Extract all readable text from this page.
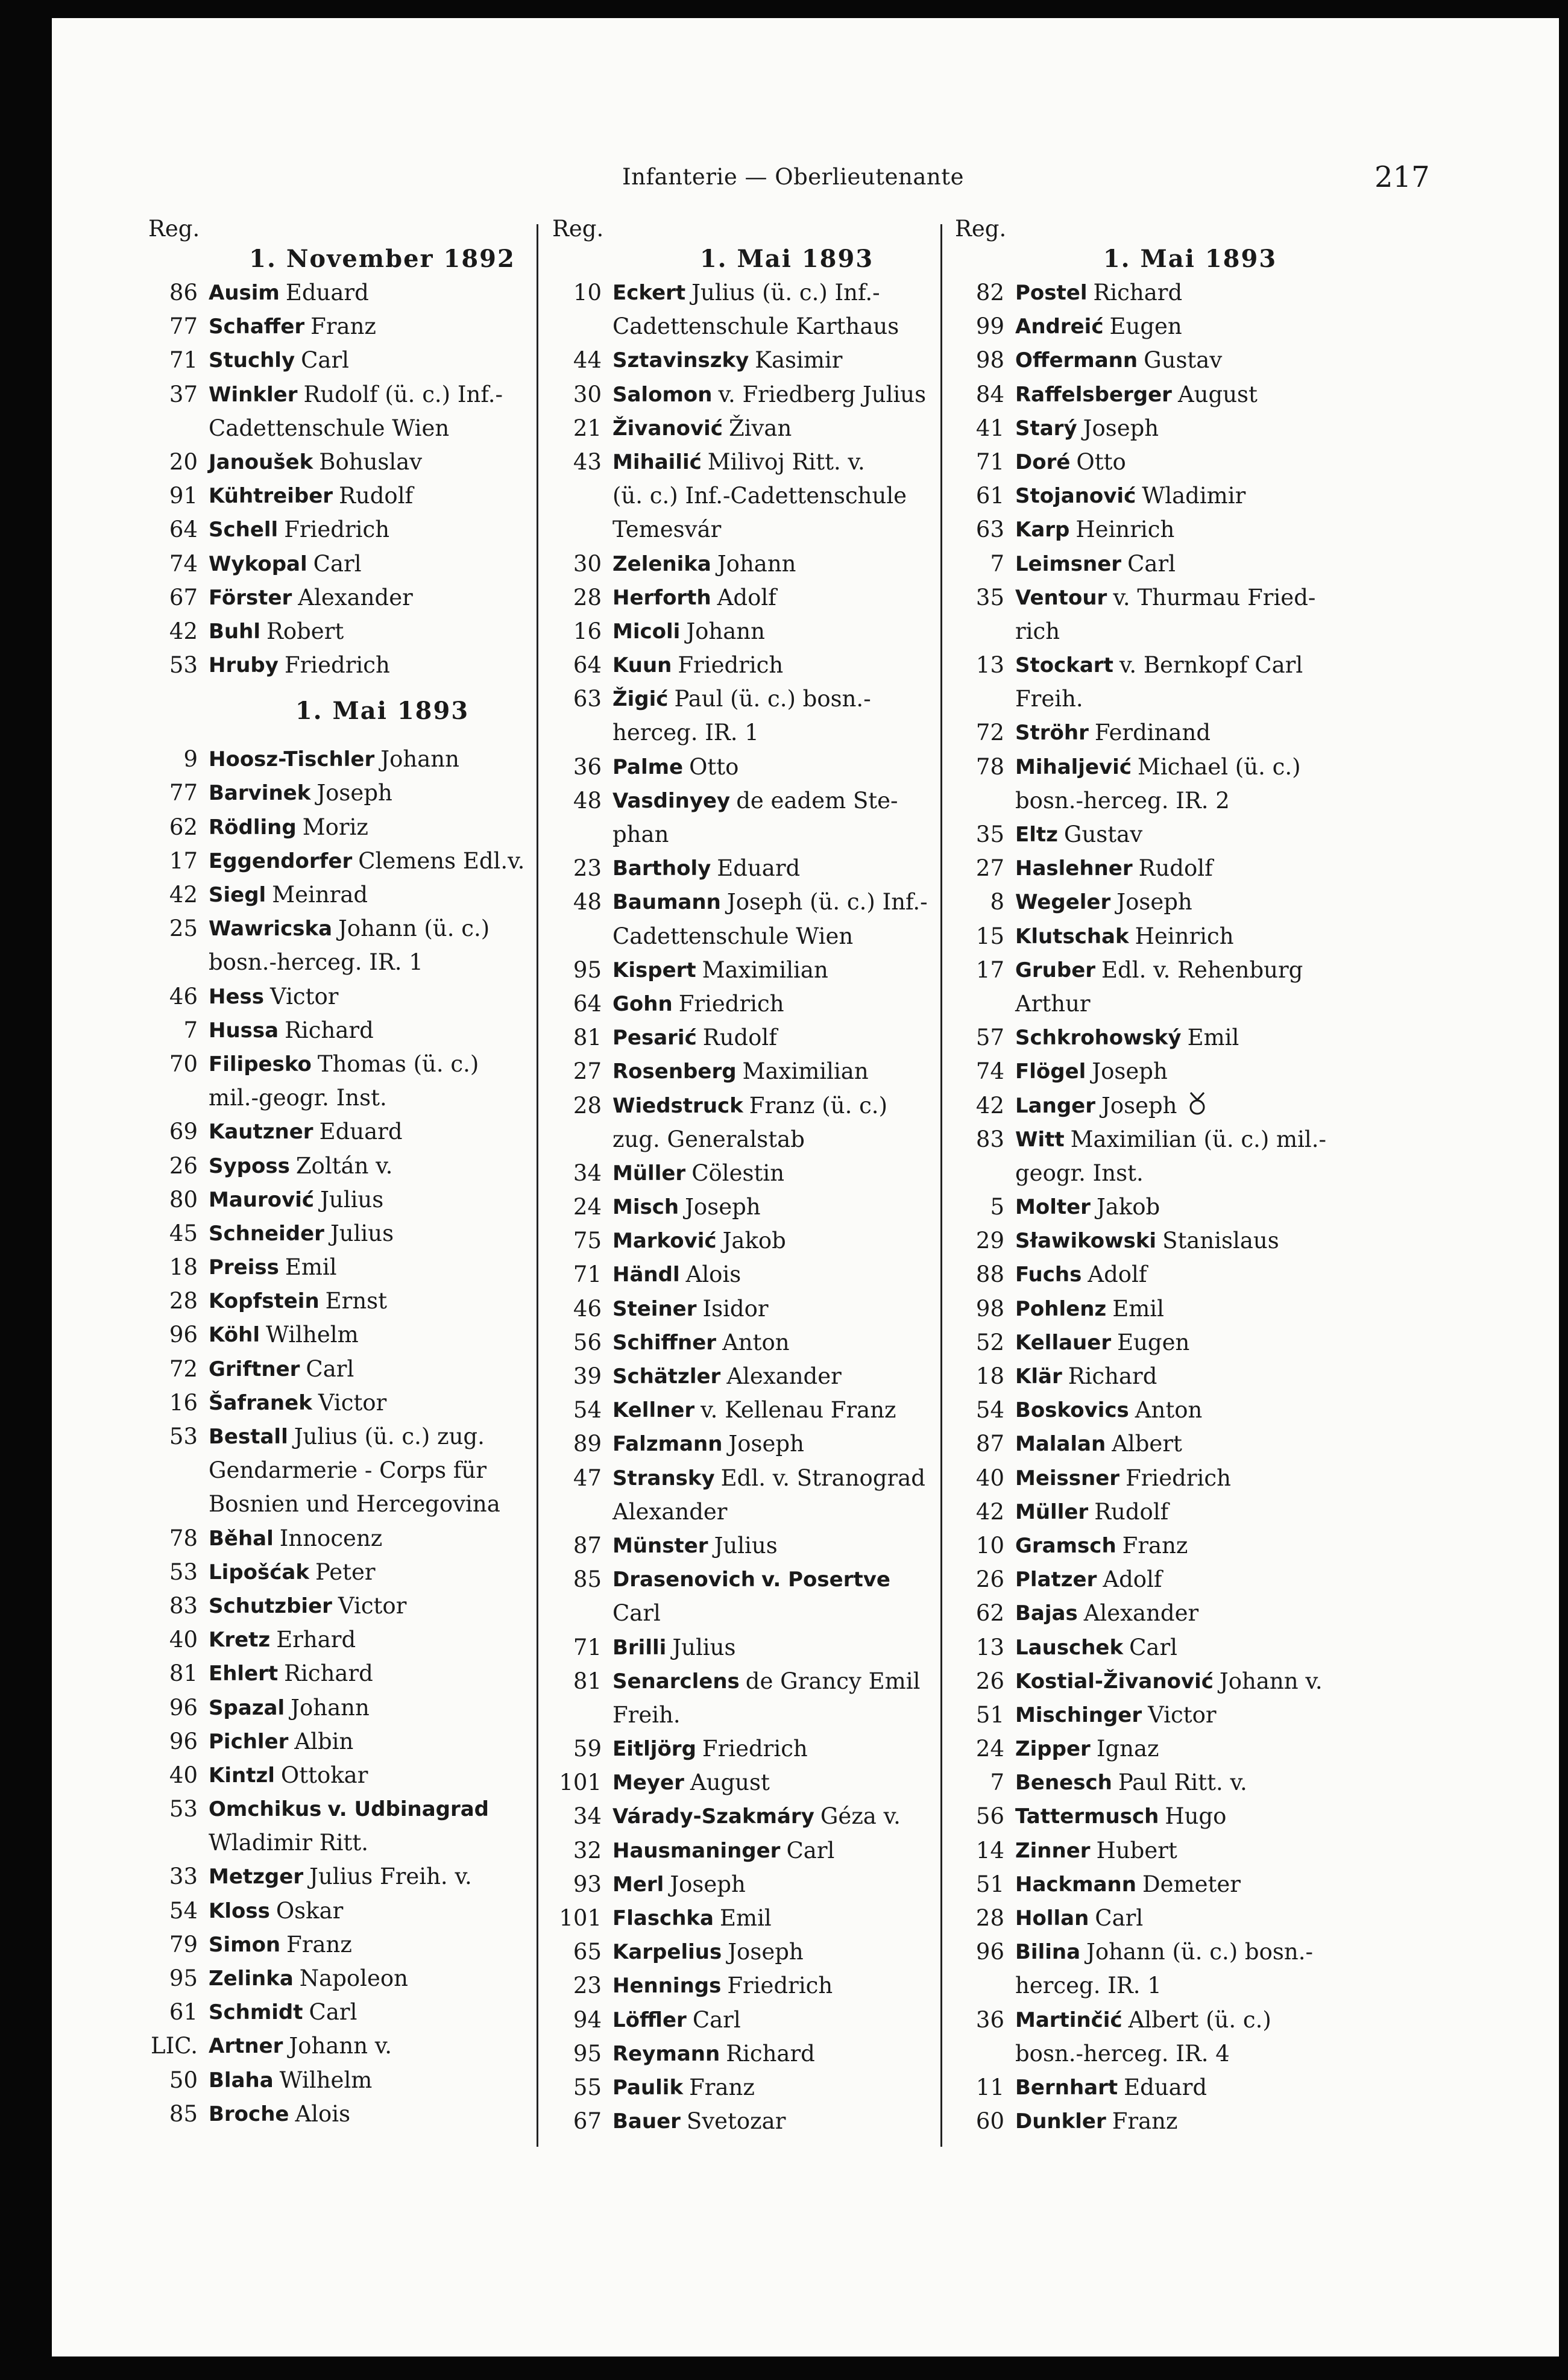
Infanterie — Oberlieutenante	217
Reg.
1. November 1892
86 Ausim Eduard
77 Schaffer Franz
71 Stuchly Carl
37 Winkler Rudolf (ü. c.) Inf.-
Cadettenschule Wien
20 Janoušek Bohuslav
91 Kühtreiber Rudolf
64 Schell Friedrich
74 Wykopal Carl
67 Förster Alexander
42 Buhl Robert
53 Hruby Friedrich
1. Mai 1893
9 Hoosz-Tischler Johann
77 Barvinek Joseph
62 Rödling Moriz
17 Eggendorfer Clemens Edl.v.
42 Siegl Meinrad
25 Wawricska Johann (ü. c.)
bosn.-herceg. IR. 1
46 Hess Victor
7 Hussa Richard
70 Filipesko Thomas (ü. c.)
mil.-geogr. Inst.
69 Kautzner Eduard
26 Syposs Zoltán v.
80 Maurović Julius
45 Schneider Julius
18 Preiss Emil
28 Kopfstein Ernst
96 Köhl Wilhelm
72 Griftner Carl
16 Šafranek Victor
53 Bestall Julius (ü. c.) zug.
Gendarmerie - Corps für
Bosnien und Hercegovina
78 Běhal Innocenz
53 Lipošćak Peter
83 Schutzbier Victor
40 Kretz Erhard
81 Ehlert Richard
96 Spazal Johann
96 Pichler Albin
40 Kintzl Ottokar
53 Omchikus v. Udbinagrad
Wladimir Ritt.
33 Metzger Julius Freih. v.
54 Kloss Oskar
79 Simon Franz
95 Zelinka Napoleon
61 Schmidt Carl
LIC. Artner Johann v.
50 Blaha Wilhelm
85 Broche Alois
Reg.
1. Mai 1893
10 Eckert Julius (ü. c.) Inf.-
Cadettenschule Karthaus
44 Sztavinszky Kasimir
30 Salomon v. Friedberg Julius
21 Živanović Živan
43 Mihailić Milivoj Ritt. v.
(ü. c.) Inf.-Cadettenschule
Temesvár
30 Zelenika Johann
28 Herforth Adolf
16 Micoli Johann
64 Kuun Friedrich
63 Žigić Paul (ü. c.) bosn.-
herceg. IR. 1
36 Palme Otto
48 Vasdinyey de eadem Ste-
phan
23 Bartholy Eduard
48 Baumann Joseph (ü. c.) Inf.-
Cadettenschule Wien
95 Kispert Maximilian
64 Gohn Friedrich
81 Pesarić Rudolf
27 Rosenberg Maximilian
28 Wiedstruck Franz (ü. c.)
zug. Generalstab
34 Müller Cölestin
24 Misch Joseph
75 Marković Jakob
71 Händl Alois
46 Steiner Isidor
56 Schiffner Anton
39 Schätzler Alexander
54 Kellner v. Kellenau Franz
89 Falzmann Joseph
47 Stransky Edl. v. Stranograd
Alexander
87 Münster Julius
85 Drasenovich v. Posertve
Carl
71 Brilli Julius
81 Senarclens de Grancy Emil
Freih.
59 Eitljörg Friedrich
101 Meyer August
34 Várady-Szakmáry Géza v.
32 Hausmaninger Carl
93 Merl Joseph
101 Flaschka Emil
65 Karpelius Joseph
23 Hennings Friedrich
94 Löffler Carl
95 Reymann Richard
55 Paulik Franz
67 Bauer Svetozar
Reg.
1. Mai 1893
82 Postel Richard
99 Andreić Eugen
98 Offermann Gustav
84 Raffelsberger August
41 Starý Joseph
71 Doré Otto
61 Stojanović Wladimir
63 Karp Heinrich
7 Leimsner Carl
35 Ventour v. Thurmau Fried-
rich
13 Stockart v. Bernkopf Carl
Freih.
72 Ströhr Ferdinand
78 Mihaljević Michael (ü. c.)
bosn.-herceg. IR. 2
35 Eltz Gustav
27 Haslehner Rudolf
8 Wegeler Joseph
15 Klutschak Heinrich
17 Gruber Edl. v. Rehenburg
Arthur
57 Schkrohowský Emil
74 Flögel Joseph
42 Langer Joseph
83 Witt Maximilian (ü. c.) mil.-
geogr. Inst.
5 Molter Jakob
29 Sławikowski Stanislaus
88 Fuchs Adolf
98 Pohlenz Emil
52 Kellauer Eugen
18 Klär Richard
54 Boskovics Anton
87 Malalan Albert
40 Meissner Friedrich
42 Müller Rudolf
10 Gramsch Franz
26 Platzer Adolf
62 Bajas Alexander
13 Lauschek Carl
26 Kostial-Živanović Johann v.
51 Mischinger Victor
24 Zipper Ignaz
7 Benesch Paul Ritt. v.
56 Tattermusch Hugo
14 Zinner Hubert
51 Hackmann Demeter
28 Hollan Carl
96 Bilina Johann (ü. c.) bosn.-
herceg. IR. 1
36 Martinčić Albert (ü. c.)
bosn.-herceg. IR. 4
11 Bernhart Eduard
60 Dunkler Franz
